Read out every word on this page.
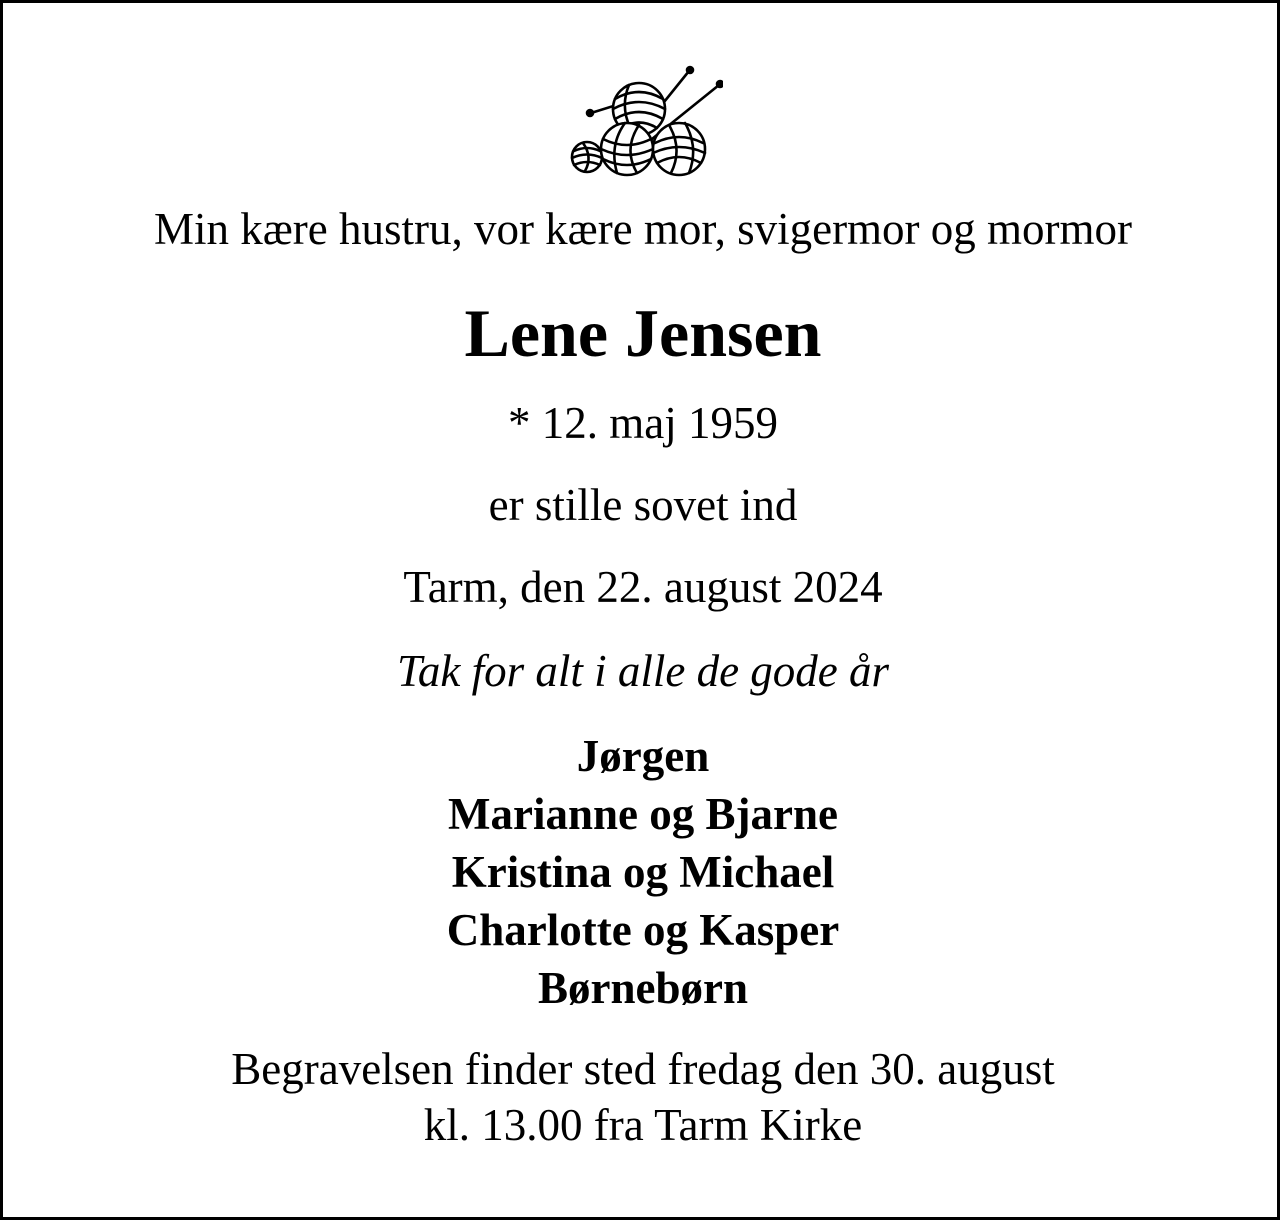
Min kære hustru, vor kære mor, svigermor og mormor
Lene Jensen
* 12. maj 1959
er stille sovet ind
Tarm, den 22. august 2024
Tak for alt i alle de gode år
Jørgen
Marianne og Bjarne
Kristina og Michael
Charlotte og Kasper
Børnebørn
Begravelsen finder sted fredag den 30. august
kl. 13.00 fra Tarm Kirke
